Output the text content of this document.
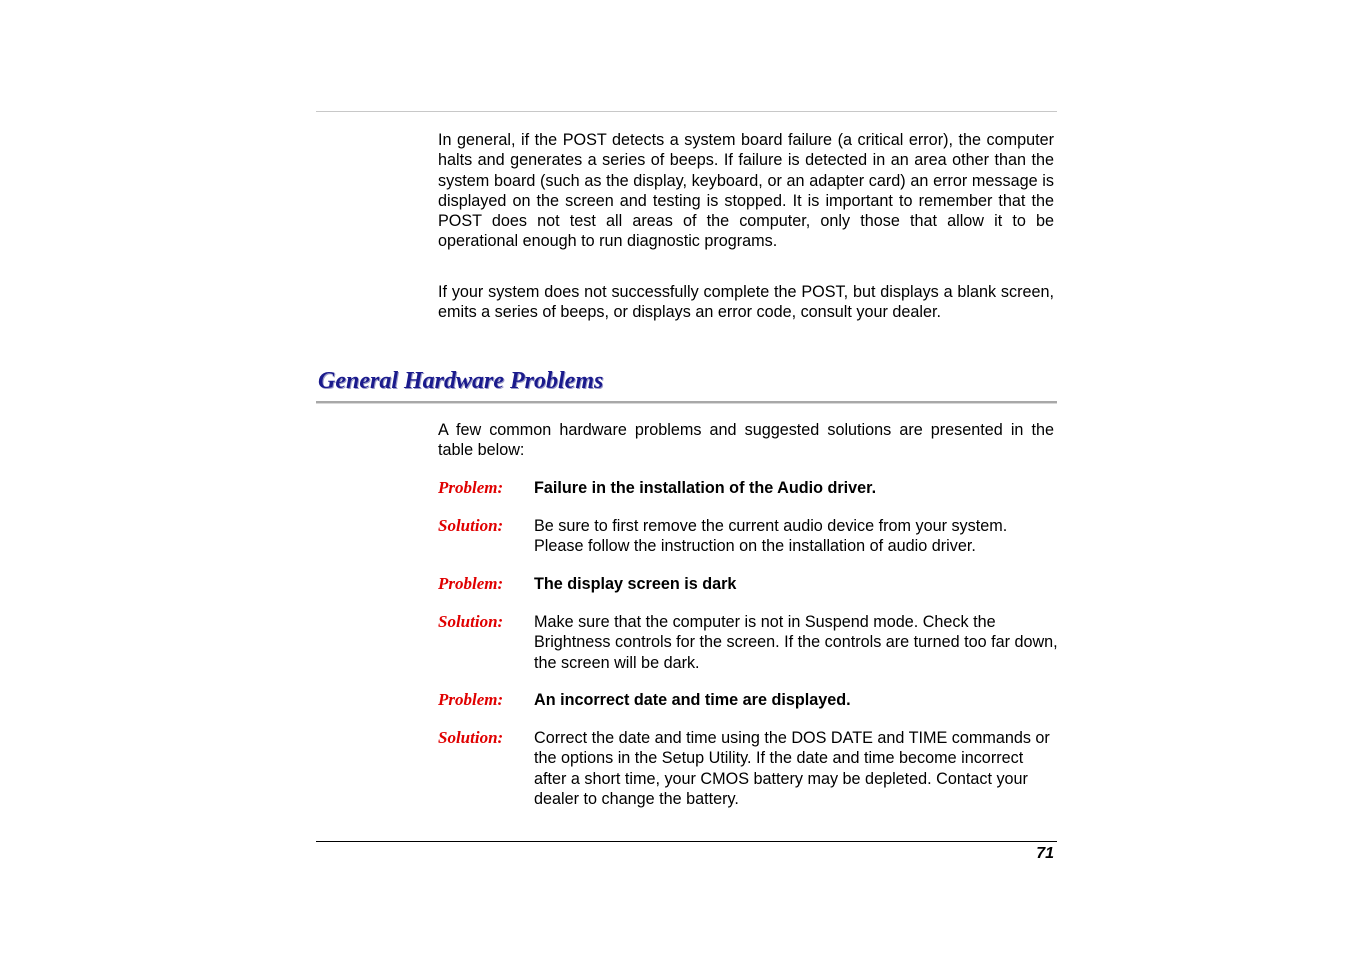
In general, if the POST detects a system board failure (a critical error), the computer halts and generates a series of beeps. If failure is detected in an area other than the system board (such as the display, keyboard, or an adapter card) an error message is displayed on the screen and testing is stopped. It is important to remember that the POST does not test all areas of the computer, only those that allow it to be operational enough to run diagnostic programs.

If your system does not successfully complete the POST, but displays a blank screen, emits a series of beeps, or displays an error code, consult your dealer.

General Hardware Problems

A few common hardware problems and suggested solutions are presented in the table below:

Problem: Failure in the installation of the Audio driver.

Solution: Be sure to first remove the current audio device from your system. Please follow the instruction on the installation of audio driver.

Problem: The display screen is dark

Solution: Make sure that the computer is not in Suspend mode. Check the Brightness controls for the screen. If the controls are turned too far down, the screen will be dark.

Problem: An incorrect date and time are displayed.

Solution: Correct the date and time using the DOS DATE and TIME commands or the options in the Setup Utility. If the date and time become incorrect after a short time, your CMOS battery may be depleted. Contact your dealer to change the battery.

71
